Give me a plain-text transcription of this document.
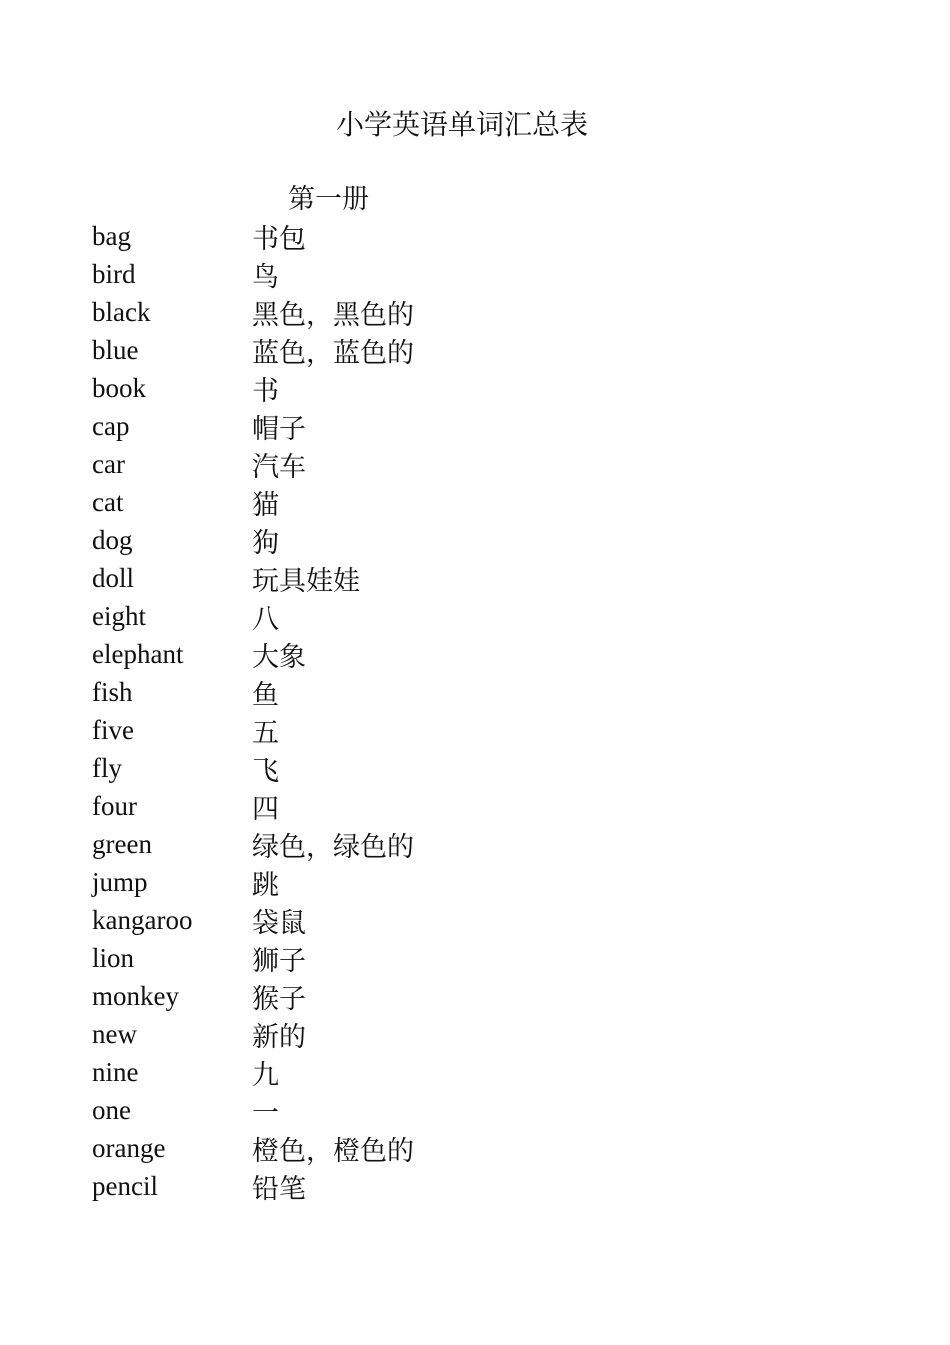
小学英语单词汇总表
第一册
bag	书包
bird	鸟
black	黑色，黑色的
blue	蓝色，蓝色的
book	书
cap	帽子
car	汽车
cat	猫
dog	狗
doll	玩具娃娃
eight	八
elephant	大象
fish	鱼
five	五
fly	飞
four	四
green	绿色，绿色的
jump	跳
kangaroo	袋鼠
lion	狮子
monkey	猴子
new	新的
nine	九
one	一
orange	橙色，橙色的
pencil	铅笔
